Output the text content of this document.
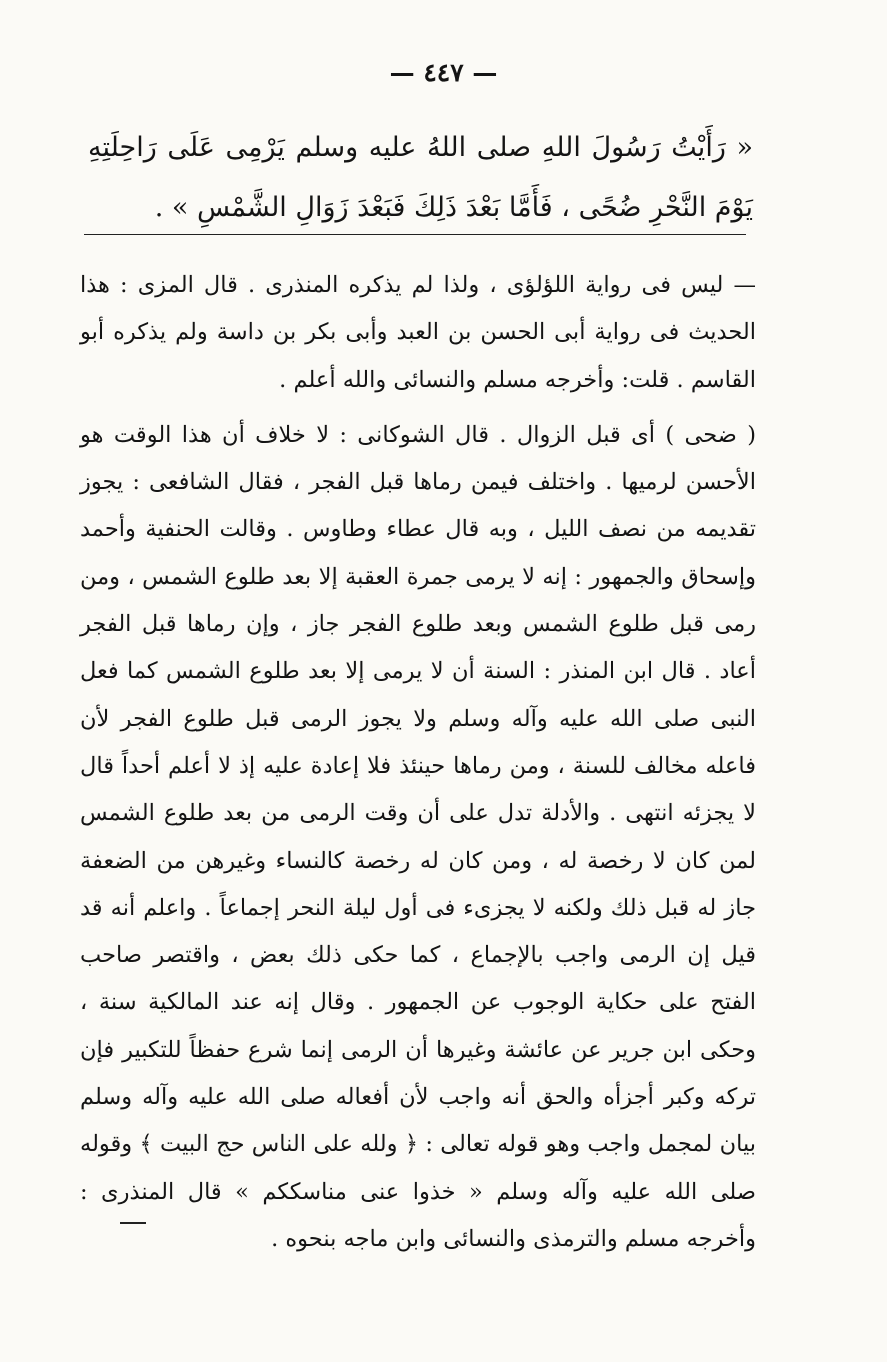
— ٤٤٧ —

« رَأَيْتُ رَسُولَ اللهِ صلى اللهُ عليه وسلم يَرْمِى عَلَى رَاحِلَتِهِ يَوْمَ النَّحْرِ ضُحًى ، فَأَمَّا بَعْدَ ذَلِكَ فَبَعْدَ زَوَالِ الشَّمْسِ » .

— ليس فى رواية اللؤلؤى ، ولذا لم يذكره المنذرى . قال المزى : هذا الحديث فى رواية أبى الحسن بن العبد وأبى بكر بن داسة ولم يذكره أبو القاسم . قلت: وأخرجه مسلم والنسائى والله أعلم .

( ضحى ) أى قبل الزوال . قال الشوكانى : لا خلاف أن هذا الوقت هو الأحسن لرميها . واختلف فيمن رماها قبل الفجر ، فقال الشافعى : يجوز تقديمه من نصف الليل ، وبه قال عطاء وطاوس . وقالت الحنفية وأحمد وإسحاق والجمهور : إنه لا يرمى جمرة العقبة إلا بعد طلوع الشمس ، ومن رمى قبل طلوع الشمس وبعد طلوع الفجر جاز ، وإن رماها قبل الفجر أعاد . قال ابن المنذر : السنة أن لا يرمى إلا بعد طلوع الشمس كما فعل النبى صلى الله عليه وآله وسلم ولا يجوز الرمى قبل طلوع الفجر لأن فاعله مخالف للسنة ، ومن رماها حينئذ فلا إعادة عليه إذ لا أعلم أحداً قال لا يجزئه انتهى . والأدلة تدل على أن وقت الرمى من بعد طلوع الشمس لمن كان لا رخصة له ، ومن كان له رخصة كالنساء وغيرهن من الضعفة جاز له قبل ذلك ولكنه لا يجزىء فى أول ليلة النحر إجماعاً . واعلم أنه قد قيل إن الرمى واجب بالإجماع ، كما حكى ذلك بعض ، واقتصر صاحب الفتح على حكاية الوجوب عن الجمهور . وقال إنه عند المالكية سنة ، وحكى ابن جرير عن عائشة وغيرها أن الرمى إنما شرع حفظاً للتكبير فإن تركه وكبر أجزأه والحق أنه واجب لأن أفعاله صلى الله عليه وآله وسلم بيان لمجمل واجب وهو قوله تعالى : ﴿ ولله على الناس حج البيت ﴾ وقوله صلى الله عليه وآله وسلم « خذوا عنى مناسككم » قال المنذرى : وأخرجه مسلم والترمذى والنسائى وابن ماجه بنحوه .
